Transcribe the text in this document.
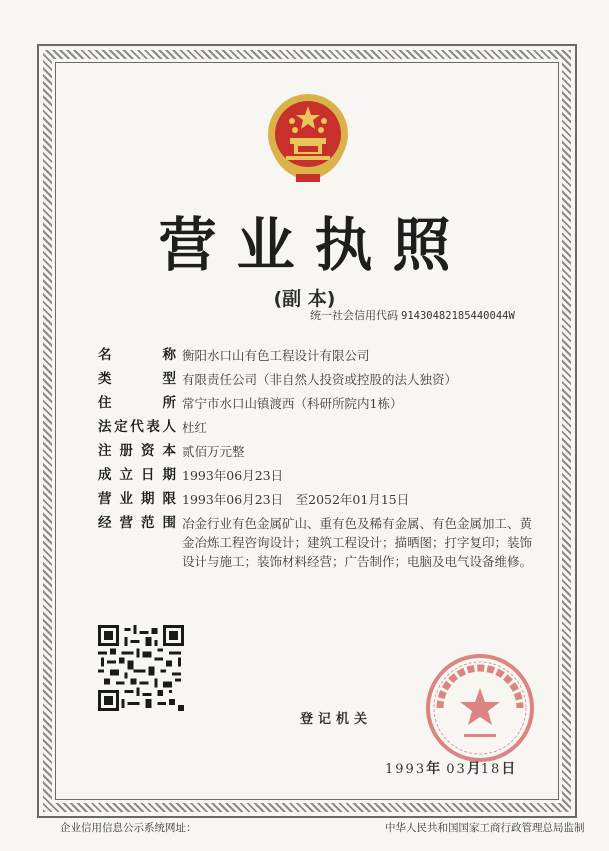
营业执照
(副 本)
统一社会信用代码 91430482185440044W
名称 衡阳水口山有色工程设计有限公司
类型 有限责任公司（非自然人投资或控股的法人独资）
住所 常宁市水口山镇渡西（科研所院内1栋）
法定代表人 杜红
注册资本 贰佰万元整
成立日期 1993年06月23日
营业期限 1993年06月23日　至2052年01月15日
经营范围 冶金行业有色金属矿山、重有色及稀有金属、有色金属加工、黄金冶炼工程咨询设计；建筑工程设计；描晒图；打字复印；装饰设计与施工；装饰材料经营；广告制作；电脑及电气设备维修。
登记机关
1993年 03月18日
企业信用信息公示系统网址：	中华人民共和国国家工商行政管理总局监制
